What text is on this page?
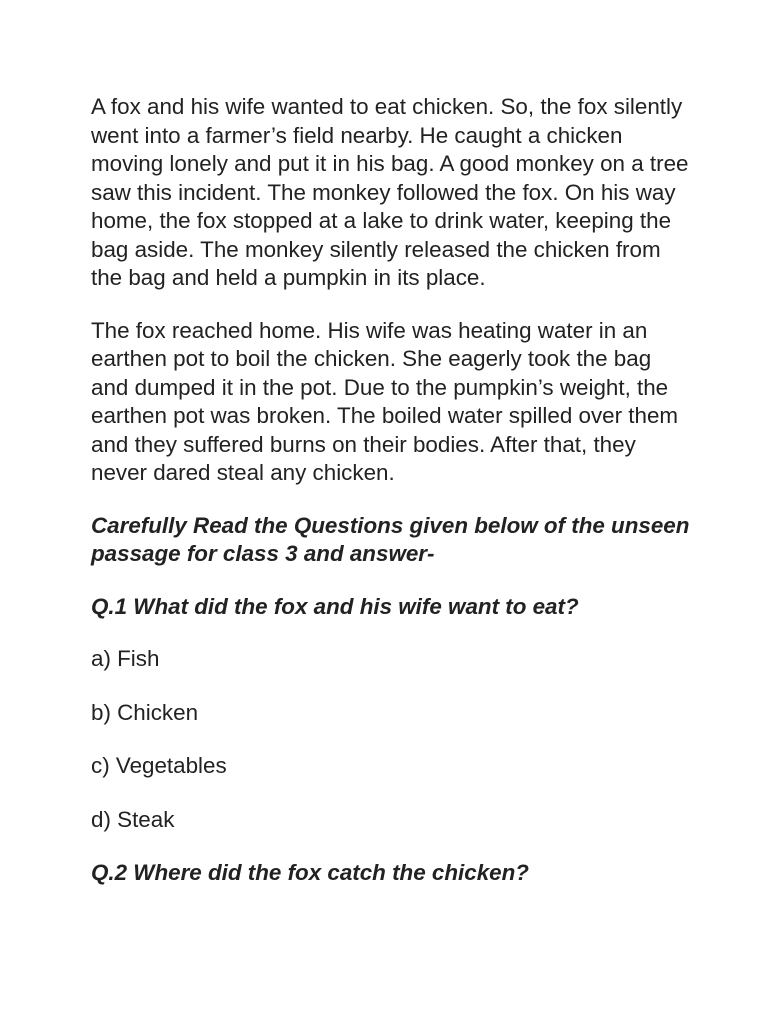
A fox and his wife wanted to eat chicken. So, the fox silently went into a farmer’s field nearby. He caught a chicken moving lonely and put it in his bag. A good monkey on a tree saw this incident. The monkey followed the fox. On his way home, the fox stopped at a lake to drink water, keeping the bag aside. The monkey silently released the chicken from the bag and held a pumpkin in its place.

The fox reached home. His wife was heating water in an earthen pot to boil the chicken. She eagerly took the bag and dumped it in the pot. Due to the pumpkin’s weight, the earthen pot was broken. The boiled water spilled over them and they suffered burns on their bodies. After that, they never dared steal any chicken.

Carefully Read the Questions given below of the unseen passage for class 3 and answer-

Q.1 What did the fox and his wife want to eat?

a) Fish

b) Chicken

c) Vegetables

d) Steak

Q.2 Where did the fox catch the chicken?
